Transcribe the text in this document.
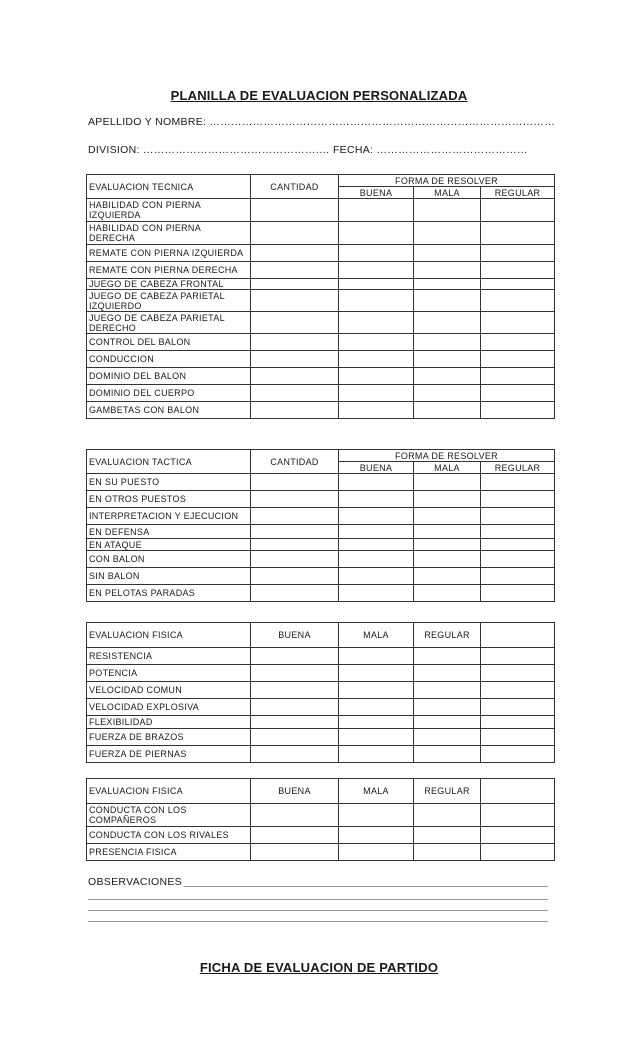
PLANILLA DE EVALUACION PERSONALIZADA
APELLIDO Y NOMBRE: ……………………………………………………………………………………
DIVISION: ………………………………………….… FECHA: ……………………………………
EVALUACION TECNICA	CANTIDAD	FORMA DE RESOLVER		
		BUENA	MALA	REGULAR
HABILIDAD CON PIERNA IZQUIERDA				
HABILIDAD CON PIERNA DERECHA				
REMATE CON PIERNA IZQUIERDA				
REMATE CON PIERNA DERECHA				
JUEGO DE CABEZA FRONTAL				
JUEGO DE CABEZA PARIETAL IZQUIERDO				
JUEGO DE CABEZA PARIETAL DERECHO				
CONTROL DEL BALON				
CONDUCCION				
DOMINIO DEL BALON				
DOMINIO DEL CUERPO				
GAMBETAS CON BALON				
EVALUACION TACTICA	CANTIDAD	FORMA DE RESOLVER		
		BUENA	MALA	REGULAR
EN SU PUESTO				
EN OTROS PUESTOS				
INTERPRETACION Y EJECUCION				
EN DEFENSA				
EN ATAQUE				
CON BALON				
SIN BALON				
EN PELOTAS PARADAS				
EVALUACION FISICA	BUENA	MALA	REGULAR	
RESISTENCIA				
POTENCIA				
VELOCIDAD COMUN				
VELOCIDAD EXPLOSIVA				
FLEXIBILIDAD				
FUERZA DE BRAZOS				
FUERZA DE PIERNAS				
EVALUACION FISICA	BUENA	MALA	REGULAR	
CONDUCTA CON LOS COMPAÑEROS				
CONDUCTA CON LOS RIVALES				
PRESENCIA FISICA				
OBSERVACIONES
FICHA DE EVALUACION DE PARTIDO
